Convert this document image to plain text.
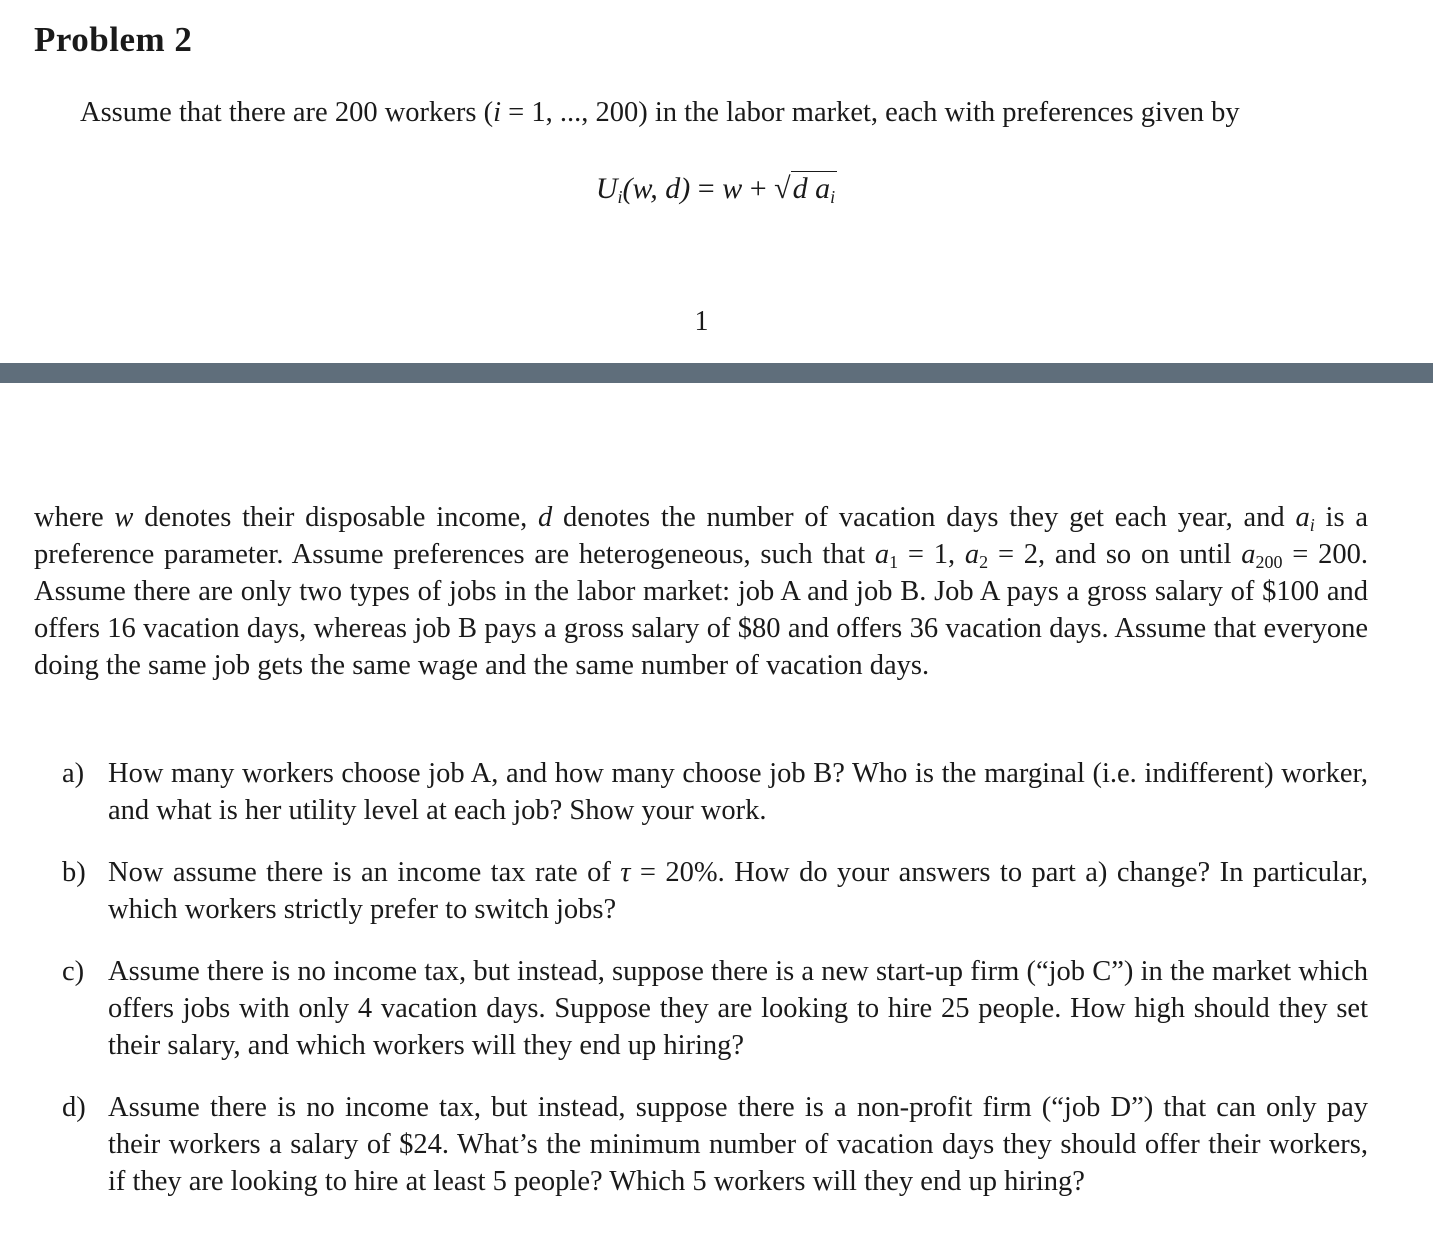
Problem 2
Assume that there are 200 workers (i = 1, ..., 200) in the labor market, each with preferences given by
$U_i(w$, d) = w + √d $a_i$
1
where w denotes their disposable income, d denotes the number of vacation days they get each year, and $a_i$ is a preference parameter. Assume preferences are heterogeneous, such that $a_1 = 1$, $a_2 = 2$, and so on until $a_{200} = 200$. Assume there are only two types of jobs in the labor market: job A and job B. Job A pays a gross salary of $100 and offers 16 vacation days, whereas job B pays a gross salary of $80 and offers 36 vacation days. Assume that everyone doing the same job gets the same wage and the same number of vacation days.
a) How many workers choose job A, and how many choose job B? Who is the marginal (i.e. indifferent) worker, and what is her utility level at each job? Show your work.
b) Now assume there is an income tax rate of τ = 20%. How do your answers to part a) change? In particular, which workers strictly prefer to switch jobs?
c) Assume there is no income tax, but instead, suppose there is a new start-up firm (“job C”) in the market which offers jobs with only 4 vacation days. Suppose they are looking to hire 25 people. How high should they set their salary, and which workers will they end up hiring?
d) Assume there is no income tax, but instead, suppose there is a non-profit firm (“job D”) that can only pay their workers a salary of $24. What’s the minimum number of vacation days they should offer their workers, if they are looking to hire at least 5 people? Which 5 workers will they end up hiring?
